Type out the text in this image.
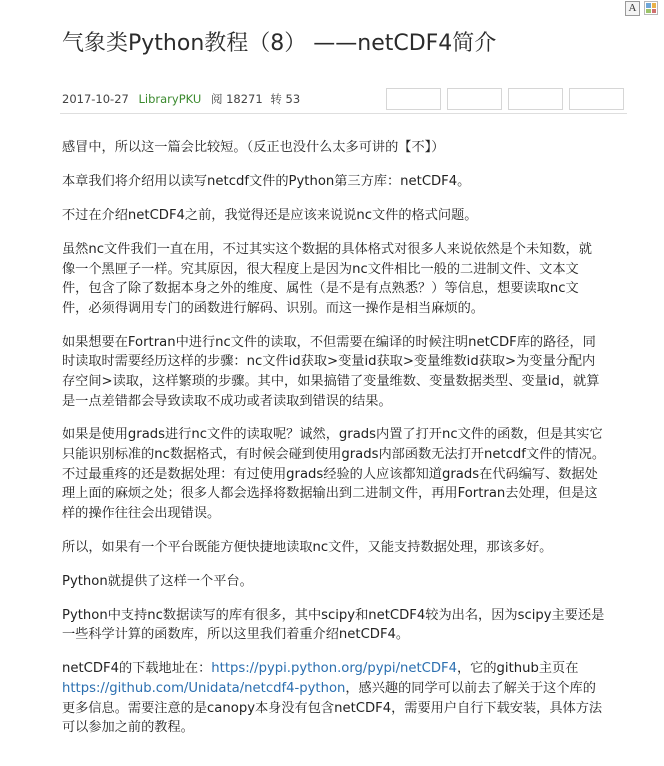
A
气象类Python教程（8） ——netCDF4简介
2017-10-27 LibraryPKU 阅 18271 转 53

感冒中，所以这一篇会比较短。（反正也没什么太多可讲的【不】）

本章我们将介绍用以读写netcdf文件的Python第三方库：netCDF4。

不过在介绍netCDF4之前，我觉得还是应该来说说nc文件的格式问题。

虽然nc文件我们一直在用，不过其实这个数据的具体格式对很多人来说依然是个未知数，就
像一个黑匣子一样。究其原因，很大程度上是因为nc文件相比一般的二进制文件、文本文
件，包含了除了数据本身之外的维度、属性（是不是有点熟悉？）等信息，想要读取nc文
件，必须得调用专门的函数进行解码、识别。而这一操作是相当麻烦的。

如果想要在Fortran中进行nc文件的读取，不但需要在编译的时候注明netCDF库的路径，同
时读取时需要经历这样的步骤：nc文件id获取>变量id获取>变量维数id获取>为变量分配内
存空间>读取，这样繁琐的步骤。其中，如果搞错了变量维数、变量数据类型、变量id，就算
是一点差错都会导致读取不成功或者读取到错误的结果。

如果是使用grads进行nc文件的读取呢？诚然，grads内置了打开nc文件的函数，但是其实它
只能识别标准的nc数据格式，有时候会碰到使用grads内部函数无法打开netcdf文件的情况。
不过最重疼的还是数据处理：有过使用grads经验的人应该都知道grads在代码编写、数据处
理上面的麻烦之处；很多人都会选择将数据输出到二进制文件，再用Fortran去处理，但是这
样的操作往往会出现错误。

所以，如果有一个平台既能方便快捷地读取nc文件，又能支持数据处理，那该多好。

Python就提供了这样一个平台。

Python中支持nc数据读写的库有很多，其中scipy和netCDF4较为出名，因为scipy主要还是
一些科学计算的函数库，所以这里我们着重介绍netCDF4。

netCDF4的下载地址在：https://pypi.python.org/pypi/netCDF4，它的github主页在
https://github.com/Unidata/netcdf4-python，感兴趣的同学可以前去了解关于这个库的
更多信息。需要注意的是canopy本身没有包含netCDF4，需要用户自行下载安装，具体方法
可以参加之前的教程。
